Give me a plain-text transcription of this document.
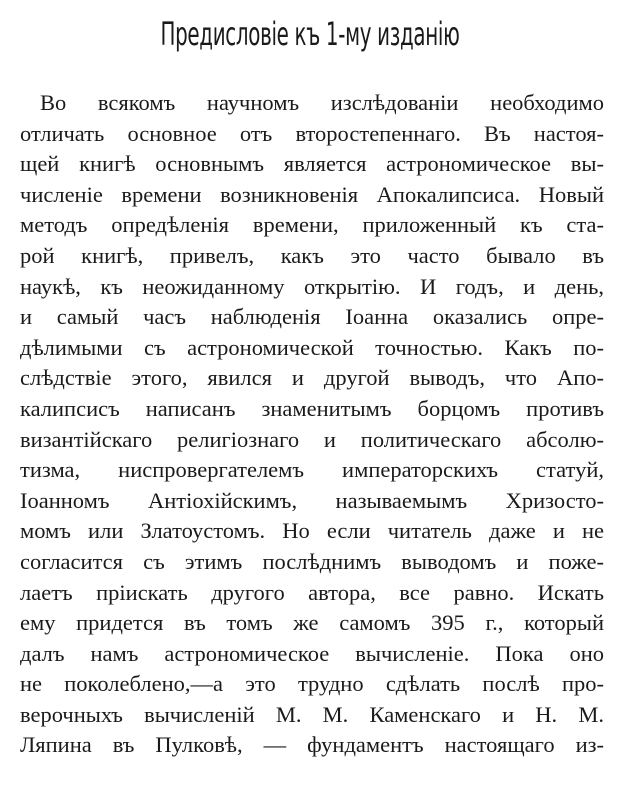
Предисловіе къ 1-му изданію
Во всякомъ научномъ изслѣдованіи необходимо
отличать основное отъ второстепеннаго. Въ настоя-
щей книгѣ основнымъ является астрономическое вы-
численіе времени возникновенія Апокалипсиса. Новый
методъ опредѣленія времени, приложенный къ ста-
рой книгѣ, привелъ, какъ это часто бывало въ
наукѣ, къ неожиданному открытію. И годъ, и день,
и самый часъ наблюденія Іоанна оказались опре-
дѣлимыми съ астрономической точностью. Какъ по-
слѣдствіе этого, явился и другой выводъ, что Апо-
калипсисъ написанъ знаменитымъ борцомъ противъ
византійскаго религіознаго и политическаго абсолю-
тизма, ниспровергателемъ императорскихъ статуй,
Іоанномъ Антіохійскимъ, называемымъ Хризосто-
момъ или Златоустомъ. Но если читатель даже и не
согласится съ этимъ послѣднимъ выводомъ и поже-
лаетъ пріискать другого автора, все равно. Искать
ему придется въ томъ же самомъ 395 г., который
далъ намъ астрономическое вычисленіе. Пока оно
не поколеблено,—а это трудно сдѣлать послѣ про-
верочныхъ вычисленій М. М. Каменскаго и Н. М.
Ляпина въ Пулковѣ, — фундаментъ настоящаго из-
